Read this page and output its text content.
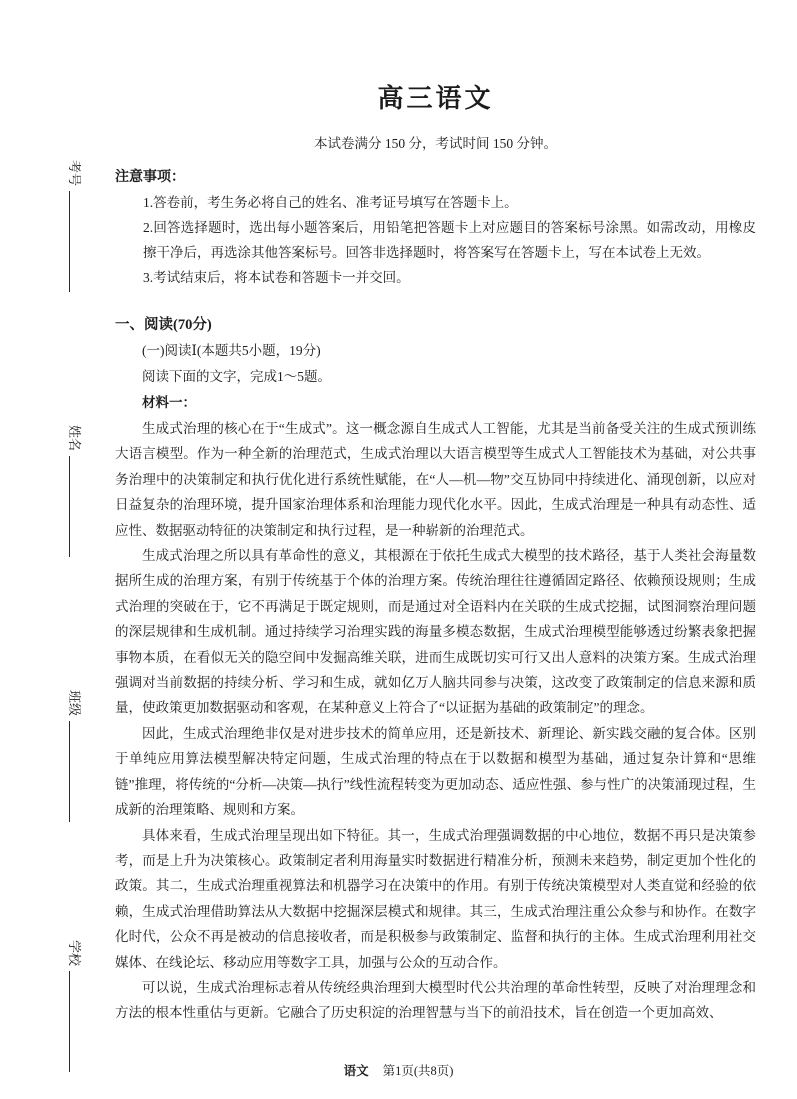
考号
姓名
班级
学校
高三语文
本试卷满分 150 分，考试时间 150 分钟。
注意事项：
1.答卷前，考生务必将自己的姓名、准考证号填写在答题卡上。
2.回答选择题时，选出每小题答案后，用铅笔把答题卡上对应题目的答案标号涂黑。如需改动，用橡皮擦干净后，再选涂其他答案标号。回答非选择题时，将答案写在答题卡上，写在本试卷上无效。
3.考试结束后，将本试卷和答题卡一并交回。
一、阅读(70分)
(一)阅读Ⅰ(本题共5小题，19分)
阅读下面的文字，完成1～5题。
材料一：

生成式治理的核心在于“生成式”。这一概念源自生成式人工智能，尤其是当前备受关注的生成式预训练大语言模型。作为一种全新的治理范式，生成式治理以大语言模型等生成式人工智能技术为基础，对公共事务治理中的决策制定和执行优化进行系统性赋能，在“人—机—物”交互协同中持续进化、涌现创新，以应对日益复杂的治理环境，提升国家治理体系和治理能力现代化水平。因此，生成式治理是一种具有动态性、适应性、数据驱动特征的决策制定和执行过程，是一种崭新的治理范式。

生成式治理之所以具有革命性的意义，其根源在于依托生成式大模型的技术路径，基于人类社会海量数据所生成的治理方案，有别于传统基于个体的治理方案。传统治理往往遵循固定路径、依赖预设规则；生成式治理的突破在于，它不再满足于既定规则，而是通过对全语料内在关联的生成式挖掘，试图洞察治理问题的深层规律和生成机制。通过持续学习治理实践的海量多模态数据，生成式治理模型能够透过纷繁表象把握事物本质，在看似无关的隐空间中发掘高维关联，进而生成既切实可行又出人意料的决策方案。生成式治理强调对当前数据的持续分析、学习和生成，就如亿万人脑共同参与决策，这改变了政策制定的信息来源和质量，使政策更加数据驱动和客观，在某种意义上符合了“以证据为基础的政策制定”的理念。

因此，生成式治理绝非仅是对进步技术的简单应用，还是新技术、新理论、新实践交融的复合体。区别于单纯应用算法模型解决特定问题，生成式治理的特点在于以数据和模型为基础，通过复杂计算和“思维链”推理，将传统的“分析—决策—执行”线性流程转变为更加动态、适应性强、参与性广的决策涌现过程，生成新的治理策略、规则和方案。

具体来看，生成式治理呈现出如下特征。其一，生成式治理强调数据的中心地位，数据不再只是决策参考，而是上升为决策核心。政策制定者利用海量实时数据进行精准分析，预测未来趋势，制定更加个性化的政策。其二，生成式治理重视算法和机器学习在决策中的作用。有别于传统决策模型对人类直觉和经验的依赖，生成式治理借助算法从大数据中挖掘深层模式和规律。其三，生成式治理注重公众参与和协作。在数字化时代，公众不再是被动的信息接收者，而是积极参与政策制定、监督和执行的主体。生成式治理利用社交媒体、在线论坛、移动应用等数字工具，加强与公众的互动合作。

可以说，生成式治理标志着从传统经典治理到大模型时代公共治理的革命性转型，反映了对治理理念和方法的根本性重估与更新。它融合了历史积淀的治理智慧与当下的前沿技术，旨在创造一个更加高效、

语文 第1页(共8页)
